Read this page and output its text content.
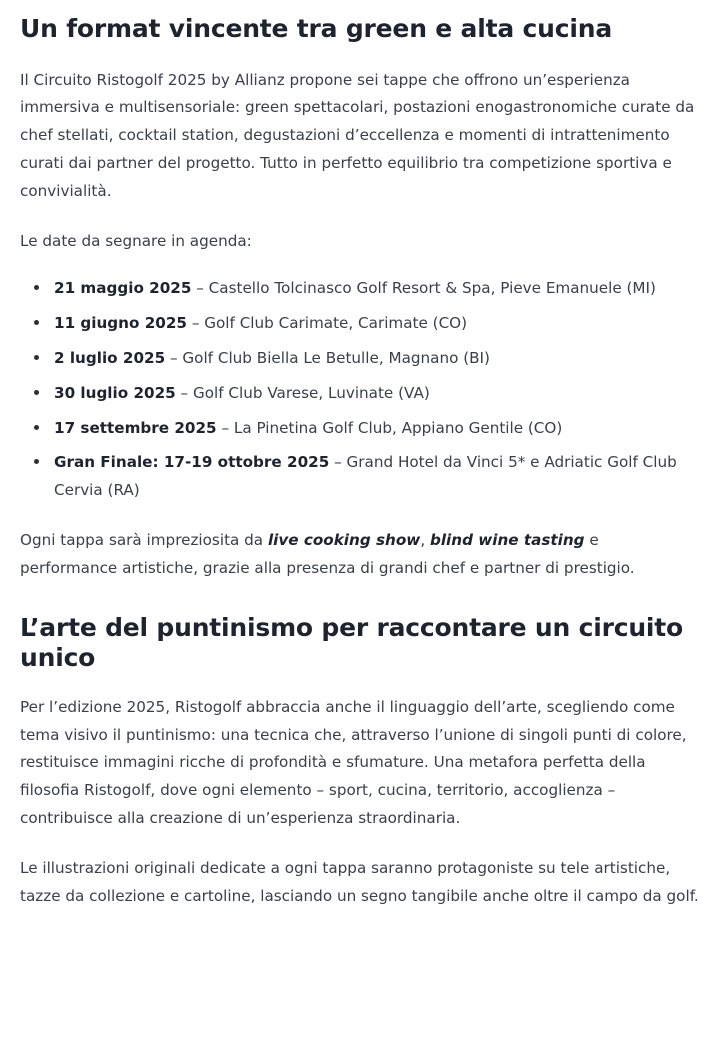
Un format vincente tra green e alta cucina

Il Circuito Ristogolf 2025 by Allianz propone sei tappe che offrono un’esperienza immersiva e multisensoriale: green spettacolari, postazioni enogastronomiche curate da chef stellati, cocktail station, degustazioni d’eccellenza e momenti di intrattenimento curati dai partner del progetto. Tutto in perfetto equilibrio tra competizione sportiva e convivialità.

Le date da segnare in agenda:

21 maggio 2025 – Castello Tolcinasco Golf Resort & Spa, Pieve Emanuele (MI)
11 giugno 2025 – Golf Club Carimate, Carimate (CO)
2 luglio 2025 – Golf Club Biella Le Betulle, Magnano (BI)
30 luglio 2025 – Golf Club Varese, Luvinate (VA)
17 settembre 2025 – La Pinetina Golf Club, Appiano Gentile (CO)
Gran Finale: 17-19 ottobre 2025 – Grand Hotel da Vinci 5* e Adriatic Golf Club Cervia (RA)

Ogni tappa sarà impreziosita da live cooking show, blind wine tasting e performance artistiche, grazie alla presenza di grandi chef e partner di prestigio.

L’arte del puntinismo per raccontare un circuito unico

Per l’edizione 2025, Ristogolf abbraccia anche il linguaggio dell’arte, scegliendo come tema visivo il puntinismo: una tecnica che, attraverso l’unione di singoli punti di colore, restituisce immagini ricche di profondità e sfumature. Una metafora perfetta della filosofia Ristogolf, dove ogni elemento – sport, cucina, territorio, accoglienza – contribuisce alla creazione di un’esperienza straordinaria.

Le illustrazioni originali dedicate a ogni tappa saranno protagoniste su tele artistiche, tazze da collezione e cartoline, lasciando un segno tangibile anche oltre il campo da golf.
